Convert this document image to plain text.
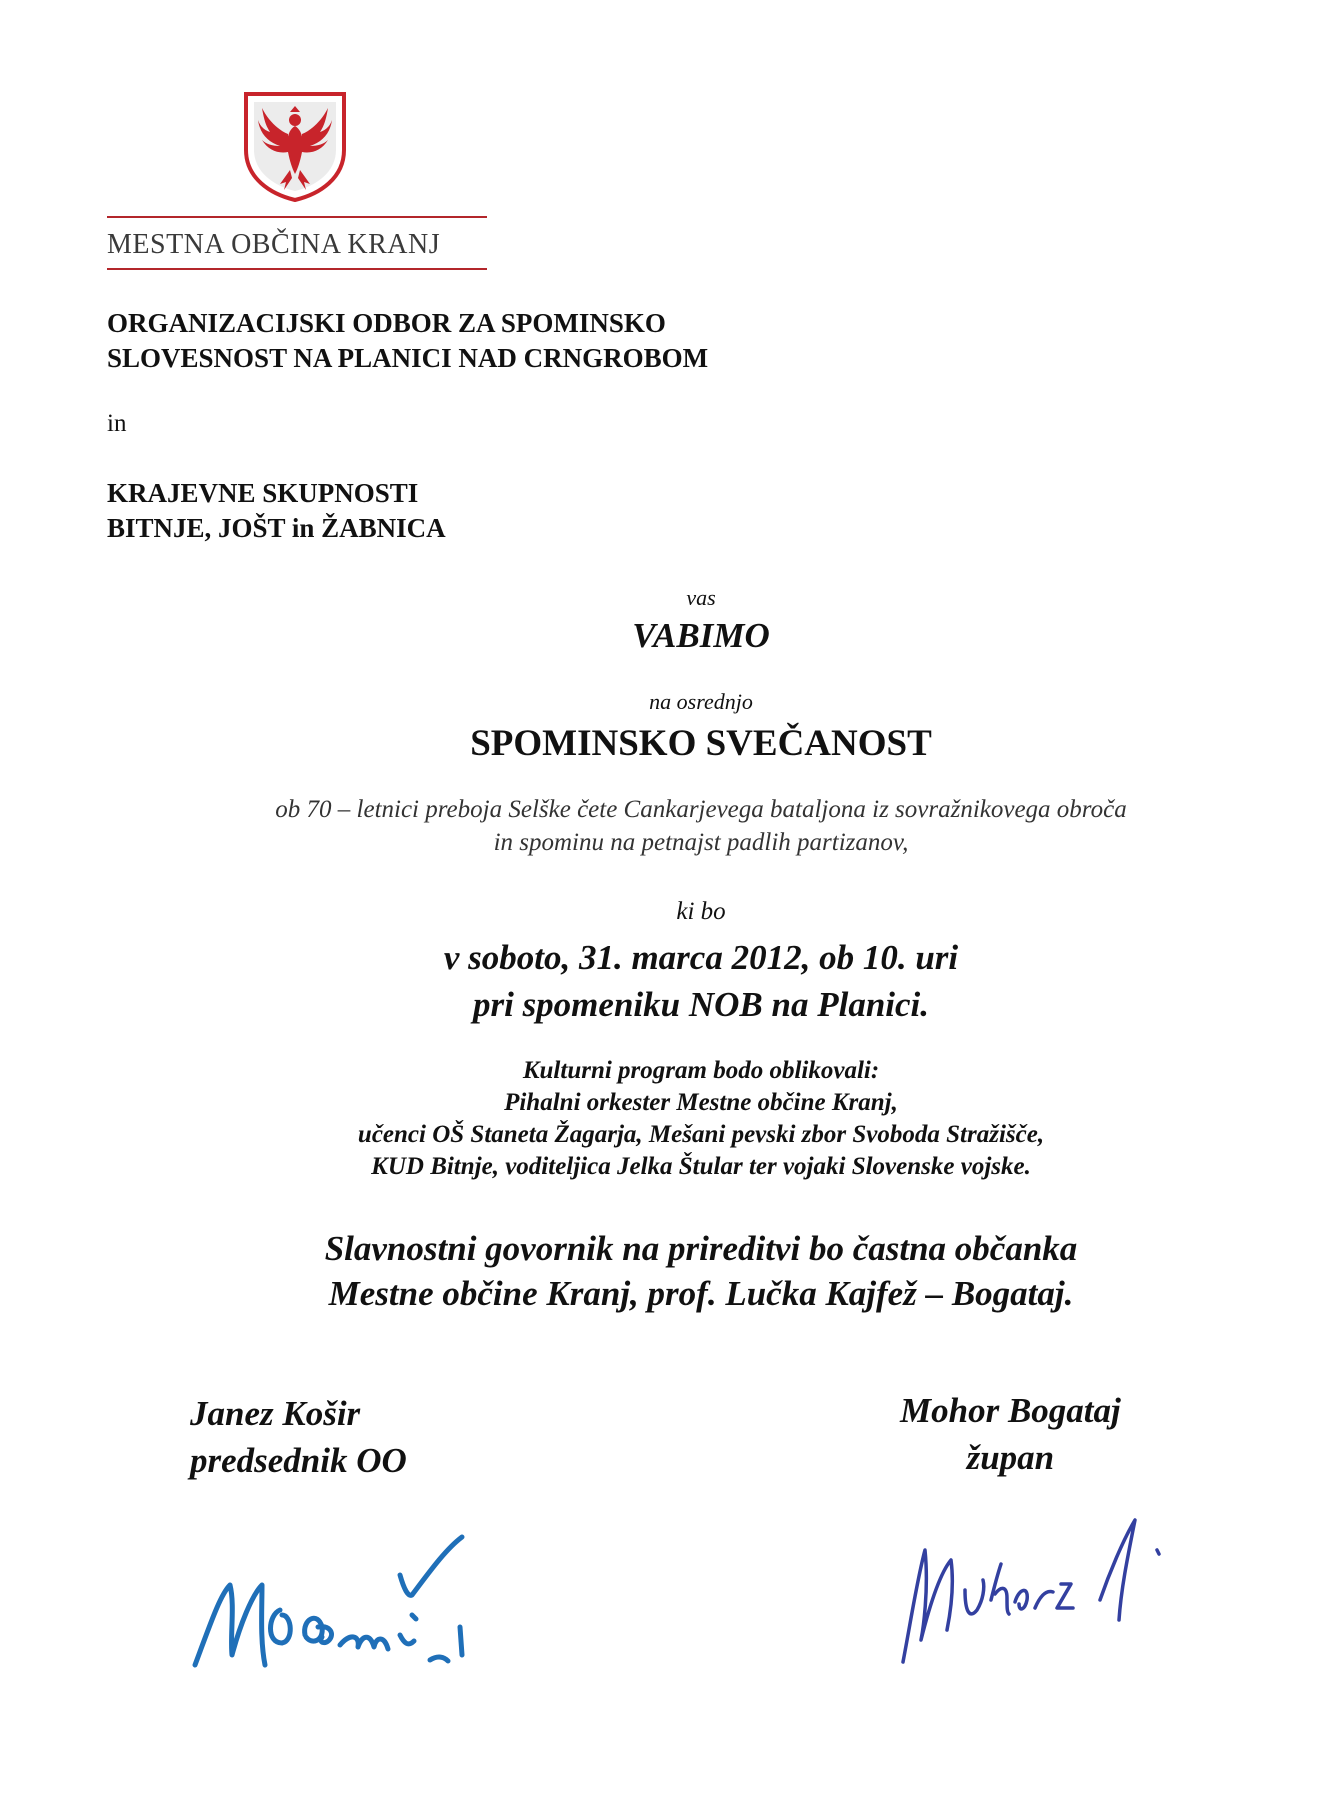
MESTNA OBČINA KRANJ
ORGANIZACIJSKI ODBOR ZA SPOMINSKO
SLOVESNOST NA PLANICI NAD CRNGROBOM
in
KRAJEVNE SKUPNOSTI
BITNJE, JOŠT in ŽABNICA
vas
VABIMO
na osrednjo
SPOMINSKO SVEČANOST
ob 70 – letnici preboja Selške čete Cankarjevega bataljona iz sovražnikovega obroča
in spominu na petnajst padlih partizanov,
ki bo
v soboto, 31. marca 2012, ob 10. uri
pri spomeniku NOB na Planici.
Kulturni program bodo oblikovali:
Pihalni orkester Mestne občine Kranj,
učenci OŠ Staneta Žagarja, Mešani pevski zbor Svoboda Stražišče,
KUD Bitnje, voditeljica Jelka Štular ter vojaki Slovenske vojske.
Slavnostni govornik na prireditvi bo častna občanka
Mestne občine Kranj, prof. Lučka Kajfež – Bogataj.
Janez Košir
predsednik OO
Mohor Bogataj
župan
